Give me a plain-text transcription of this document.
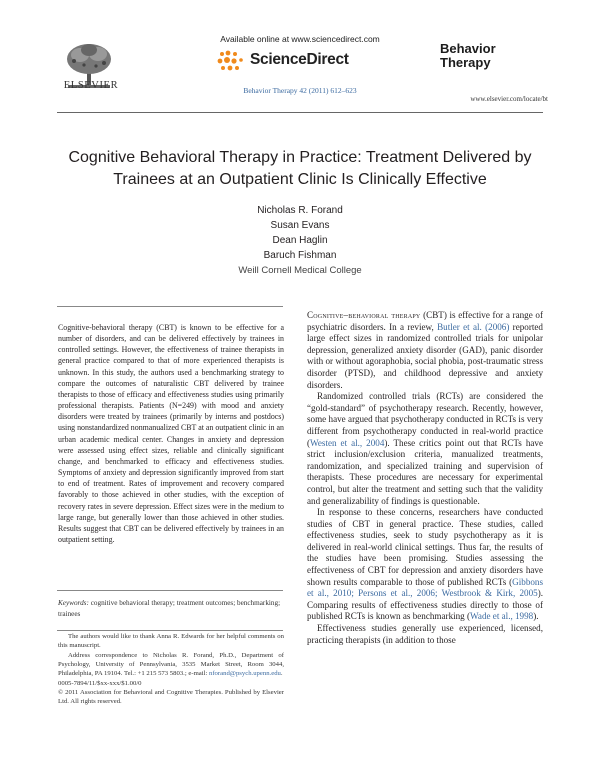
ELSEVIER
Available online at www.sciencedirect.com
ScienceDirect
Behavior Therapy 42 (2011) 612–623
Behavior
Therapy
www.elsevier.com/locate/bt
Cognitive Behavioral Therapy in Practice: Treatment Delivered by Trainees at an Outpatient Clinic Is Clinically Effective
Nicholas R. Forand
Susan Evans
Dean Haglin
Baruch Fishman
Weill Cornell Medical College
Cognitive-behavioral therapy (CBT) is known to be effective for a number of disorders, and can be delivered effectively by trainees in controlled settings. However, the effectiveness of trainee therapists in general practice compared to that of more experienced therapists is unknown. In this study, the authors used a benchmarking strategy to compare the outcomes of naturalistic CBT delivered by trainee therapists to those of efficacy and effectiveness studies using primarily professional therapists. Patients (N=249) with mood and anxiety disorders were treated by trainees (primarily by interns and postdocs) using nonstandardized nonmanualized CBT at an outpatient clinic in an urban academic medical center. Changes in anxiety and depression were assessed using effect sizes, reliable and clinically significant change, and benchmarked to efficacy and effectiveness studies. Symptoms of anxiety and depression significantly improved from start to end of treatment. Rates of improvement and recovery compared favorably to those achieved in other studies, with the exception of recovery rates in severe depression. Effect sizes were in the medium to large range, but generally lower than those achieved in other studies. Results suggest that CBT can be delivered effectively by trainees in an outpatient setting.
Keywords: cognitive behavioral therapy; treatment outcomes; benchmarking; trainees

The authors would like to thank Anna R. Edwards for her helpful comments on this manuscript.

Address correspondence to Nicholas R. Forand, Ph.D., Department of Psychology, University of Pennsylvania, 3535 Market Street, Room 3044, Philadelphia, PA 19104. Tel.: +1 215 573 5803.; e-mail: nforand@psych.upenn.edu.

0005-7894/11/$xx-xxx/$1.00/0

© 2011 Association for Behavioral and Cognitive Therapies. Published by Elsevier Ltd. All rights reserved.

Cognitive–behavioral therapy (CBT) is effective for a range of psychiatric disorders. In a review, Butler et al. (2006) reported large effect sizes in randomized controlled trials for unipolar depression, generalized anxiety disorder (GAD), panic disorder with or without agoraphobia, social phobia, post-traumatic stress disorder (PTSD), and childhood depressive and anxiety disorders.

Randomized controlled trials (RCTs) are considered the “gold-standard” of psychotherapy research. Recently, however, some have argued that psychotherapy conducted in RCTs is very different from psychotherapy conducted in real-world practice (Westen et al., 2004). These critics point out that RCTs have strict inclusion/exclusion criteria, manualized treatments, randomization, and specialized training and supervision of therapists. These procedures are necessary for experimental control, but alter the treatment and setting such that the validity and generalizability of findings is questionable.

In response to these concerns, researchers have conducted studies of CBT in general practice. These studies, called effectiveness studies, seek to study psychotherapy as it is delivered in real-world clinical settings. Thus far, the results of the studies have been promising. Studies assessing the effectiveness of CBT for depression and anxiety disorders have shown results comparable to those of published RCTs (Gibbons et al., 2010; Persons et al., 2006; Westbrook & Kirk, 2005). Comparing results of effectiveness studies directly to those of published RCTs is known as benchmarking (Wade et al., 1998).

Effectiveness studies generally use experienced, licensed, practicing therapists (in addition to those
